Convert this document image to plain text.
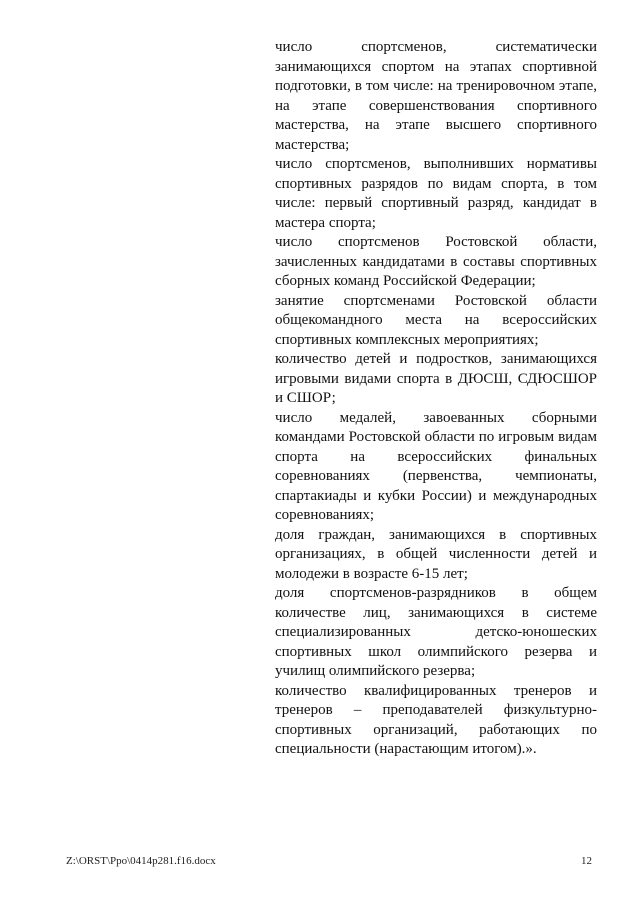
число спортсменов, систематически занимающихся спортом на этапах спортивной подготовки, в том числе: на тренировочном этапе, на этапе совершенствования спортивного мастерства, на этапе высшего спортивного мастерства;

число спортсменов, выполнивших нормативы спортивных разрядов по видам спорта, в том числе: первый спортивный разряд, кандидат в мастера спорта;

число спортсменов Ростовской области, зачисленных кандидатами в составы спортивных сборных команд Российской Федерации;

занятие спортсменами Ростовской области общекомандного места на всероссийских спортивных комплексных мероприятиях;

количество детей и подростков, занимающихся игровыми видами спорта в ДЮСШ, СДЮСШОР и СШОР;

число медалей, завоеванных сборными командами Ростовской области по игровым видам спорта на всероссийских финальных соревнованиях (первенства, чемпионаты, спартакиады и кубки России) и международных соревнованиях;

доля граждан, занимающихся в спортивных организациях, в общей численности детей и молодежи в возрасте 6-15 лет;

доля спортсменов-разрядников в общем количестве лиц, занимающихся в системе специализированных детско-юношеских спортивных школ олимпийского резерва и училищ олимпийского резерва;

количество квалифицированных тренеров и тренеров – преподавателей физкультурно-спортивных организаций, работающих по специальности (нарастающим итогом).».

Z:\ORST\Ppo\0414p281.f16.docx	12
